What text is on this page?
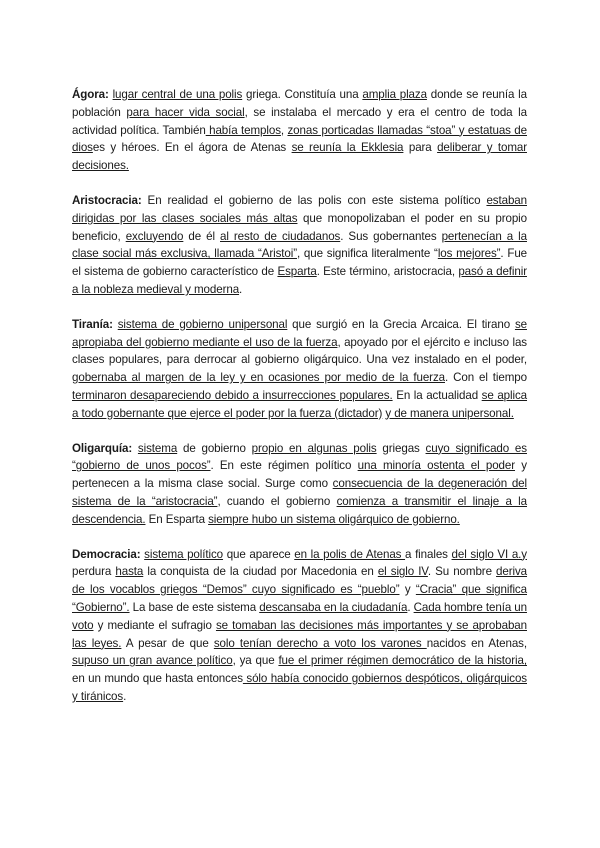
Ágora: lugar central de una polis griega. Constituía una amplia plaza donde se reunía la población para hacer vida social, se instalaba el mercado y era el centro de toda la actividad política. También había templos, zonas porticadas llamadas “stoa” y estatuas de dioses y héroes. En el ágora de Atenas se reunía la Ekklesia para deliberar y tomar decisiones.

Aristocracia: En realidad el gobierno de las polis con este sistema político estaban dirigidas por las clases sociales más altas que monopolizaban el poder en su propio beneficio, excluyendo de él al resto de ciudadanos. Sus gobernantes pertenecían a la clase social más exclusiva, llamada “Aristoi”, que significa literalmente “los mejores”. Fue el sistema de gobierno característico de Esparta. Este término, aristocracia, pasó a definir a la nobleza medieval y moderna.

Tiranía: sistema de gobierno unipersonal que surgió en la Grecia Arcaica. El tirano se apropiaba del gobierno mediante el uso de la fuerza, apoyado por el ejército e incluso las clases populares, para derrocar al gobierno oligárquico. Una vez instalado en el poder, gobernaba al margen de la ley y en ocasiones por medio de la fuerza. Con el tiempo terminaron desapareciendo debido a insurrecciones populares. En la actualidad se aplica a todo gobernante que ejerce el poder por la fuerza (dictador) y de manera unipersonal.

Oligarquía: sistema de gobierno propio en algunas polis griegas cuyo significado es “gobierno de unos pocos”. En este régimen político una minoría ostenta el poder y pertenecen a la misma clase social. Surge como consecuencia de la degeneración del sistema de la “aristocracia”, cuando el gobierno comienza a transmitir el linaje a la descendencia. En Esparta siempre hubo un sistema oligárquico de gobierno.

Democracia: sistema político que aparece en la polis de Atenas a finales del siglo VI a.y perdura hasta la conquista de la ciudad por Macedonia en el siglo IV. Su nombre deriva de los vocablos griegos “Demos” cuyo significado es “pueblo” y “Cracia” que significa “Gobierno”. La base de este sistema descansaba en la ciudadanía. Cada hombre tenía un voto y mediante el sufragio se tomaban las decisiones más importantes y se aprobaban las leyes. A pesar de que solo tenían derecho a voto los varones nacidos en Atenas, supuso un gran avance político, ya que fue el primer régimen democrático de la historia, en un mundo que hasta entonces sólo había conocido gobiernos despóticos, oligárquicos y tiránicos.
